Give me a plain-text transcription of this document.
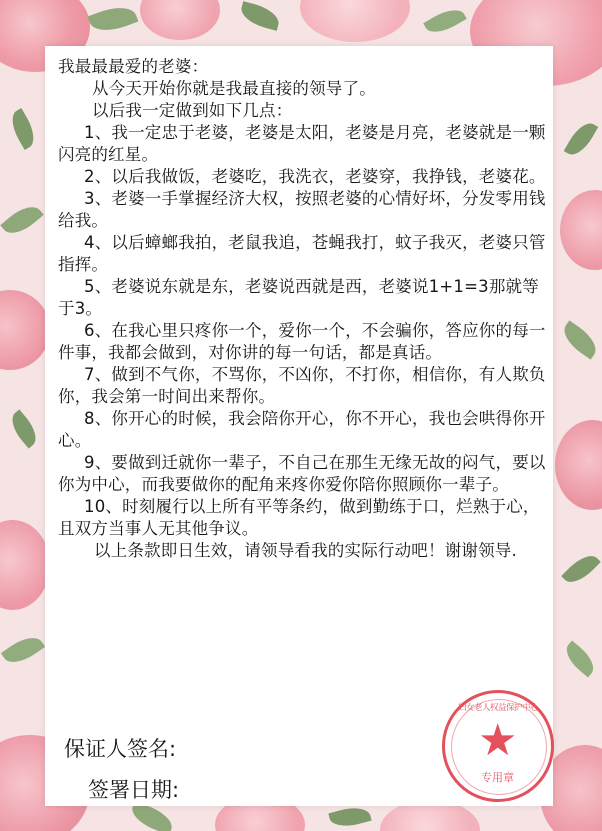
我最最最爱的老婆：

从今天开始你就是我最直接的领导了。

以后我一定做到如下几点：

1、我一定忠于老婆，老婆是太阳，老婆是月亮，老婆就是一颗闪亮的红星。

2、以后我做饭，老婆吃，我洗衣，老婆穿，我挣钱，老婆花。

3、老婆一手掌握经济大权，按照老婆的心情好坏，分发零用钱给我。

4、以后蟑螂我拍，老鼠我追，苍蝇我打，蚊子我灭，老婆只管指挥。

5、老婆说东就是东，老婆说西就是西，老婆说1+1=3那就等于3。

6、在我心里只疼你一个，爱你一个，不会骗你，答应你的每一件事，我都会做到，对你讲的每一句话，都是真话。

7、做到不气你，不骂你，不凶你，不打你，相信你，有人欺负你，我会第一时间出来帮你。

8、你开心的时候，我会陪你开心，你不开心，我也会哄得你开心。

9、要做到迁就你一辈子，不自己在那生无缘无故的闷气，要以你为中心，而我要做你的配角来疼你爱你陪你照顾你一辈子。

10、时刻履行以上所有平等条约，做到勤练于口，烂熟于心，且双方当事人无其他争议。

以上条款即日生效，请领导看我的实际行动吧！谢谢领导.

保证人签名:
签署日期:
★
妇女老人权益保护中心
专用章
